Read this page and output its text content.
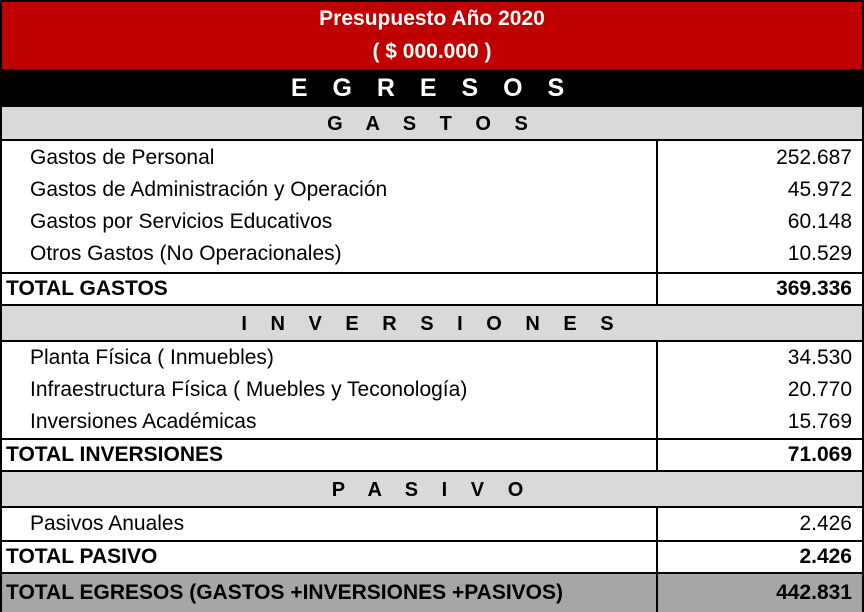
Presupuesto Año 2020
( $ 000.000 )
E G R E S O S
G A S T O S
Gastos de Personal	252.687
Gastos de Administración y Operación	45.972
Gastos por Servicios Educativos	60.148
Otros Gastos (No Operacionales)	10.529
TOTAL GASTOS	369.336
I N V E R S I O N E S
Planta Física ( Inmuebles)	34.530
Infraestructura Física ( Muebles y Teconología)	20.770
Inversiones Académicas	15.769
TOTAL INVERSIONES	71.069
P A S I V O
Pasivos Anuales	2.426
TOTAL PASIVO	2.426
TOTAL EGRESOS (GASTOS +INVERSIONES +PASIVOS)	442.831
